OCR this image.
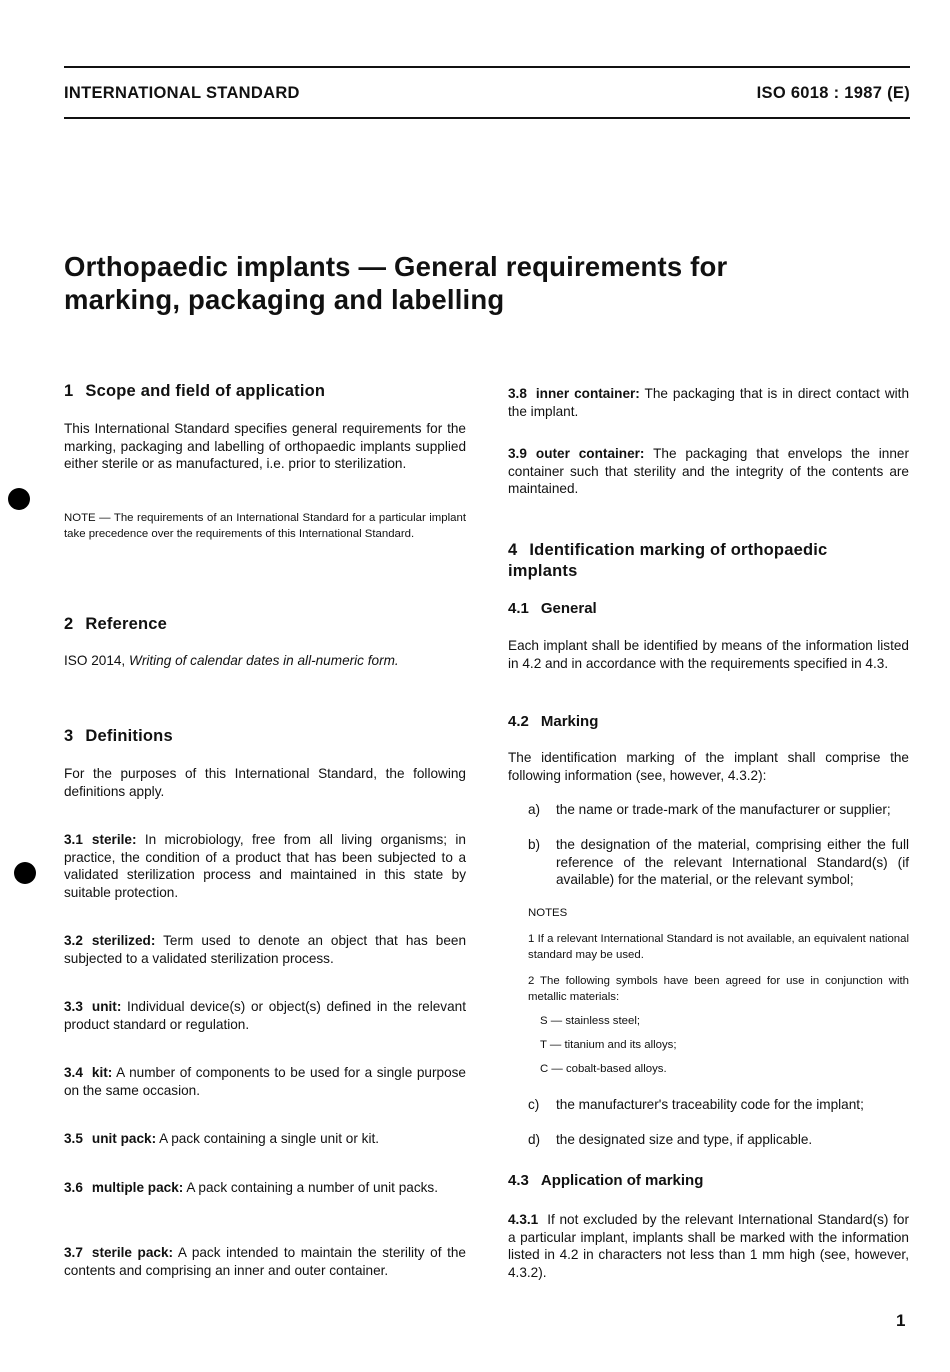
INTERNATIONAL STANDARD	ISO 6018 : 1987 (E)
Orthopaedic implants — General requirements for
marking, packaging and labelling
1 Scope and field of application

This International Standard specifies general requirements for the marking, packaging and labelling of orthopaedic implants supplied either sterile or as manufactured, i.e. prior to sterilization.

NOTE — The requirements of an International Standard for a particular implant take precedence over the requirements of this International Standard.

2 Reference

ISO 2014, Writing of calendar dates in all-numeric form.

3 Definitions

For the purposes of this International Standard, the following definitions apply.

3.1 sterile: In microbiology, free from all living organisms; in practice, the condition of a product that has been subjected to a validated sterilization process and maintained in this state by suitable protection.

3.2 sterilized: Term used to denote an object that has been subjected to a validated sterilization process.

3.3 unit: Individual device(s) or object(s) defined in the relevant product standard or regulation.

3.4 kit: A number of components to be used for a single purpose on the same occasion.

3.5 unit pack: A pack containing a single unit or kit.

3.6 multiple pack: A pack containing a number of unit packs.

3.7 sterile pack: A pack intended to maintain the sterility of the contents and comprising an inner and outer container.

3.8 inner container: The packaging that is in direct contact with the implant.

3.9 outer container: The packaging that envelops the inner container such that sterility and the integrity of the contents are maintained.

4 Identification marking of orthopaedic
implants
4.1 General

Each implant shall be identified by means of the information listed in 4.2 and in accordance with the requirements specified in 4.3.

4.2 Marking

The identification marking of the implant shall comprise the following information (see, however, 4.3.2):

a)	the name or trade-mark of the manufacturer or supplier;
b)	the designation of the material, comprising either the full reference of the relevant International Standard(s) (if available) for the material, or the relevant symbol;

NOTES

1 If a relevant International Standard is not available, an equivalent national standard may be used.

2 The following symbols have been agreed for use in conjunction with metallic materials:

S — stainless steel;

T — titanium and its alloys;

C — cobalt-based alloys.

c)	the manufacturer's traceability code for the implant;
d)	the designated size and type, if applicable.
4.3 Application of marking

4.3.1 If not excluded by the relevant International Standard(s) for a particular implant, implants shall be marked with the information listed in 4.2 in characters not less than 1 mm high (see, however, 4.3.2).

1
